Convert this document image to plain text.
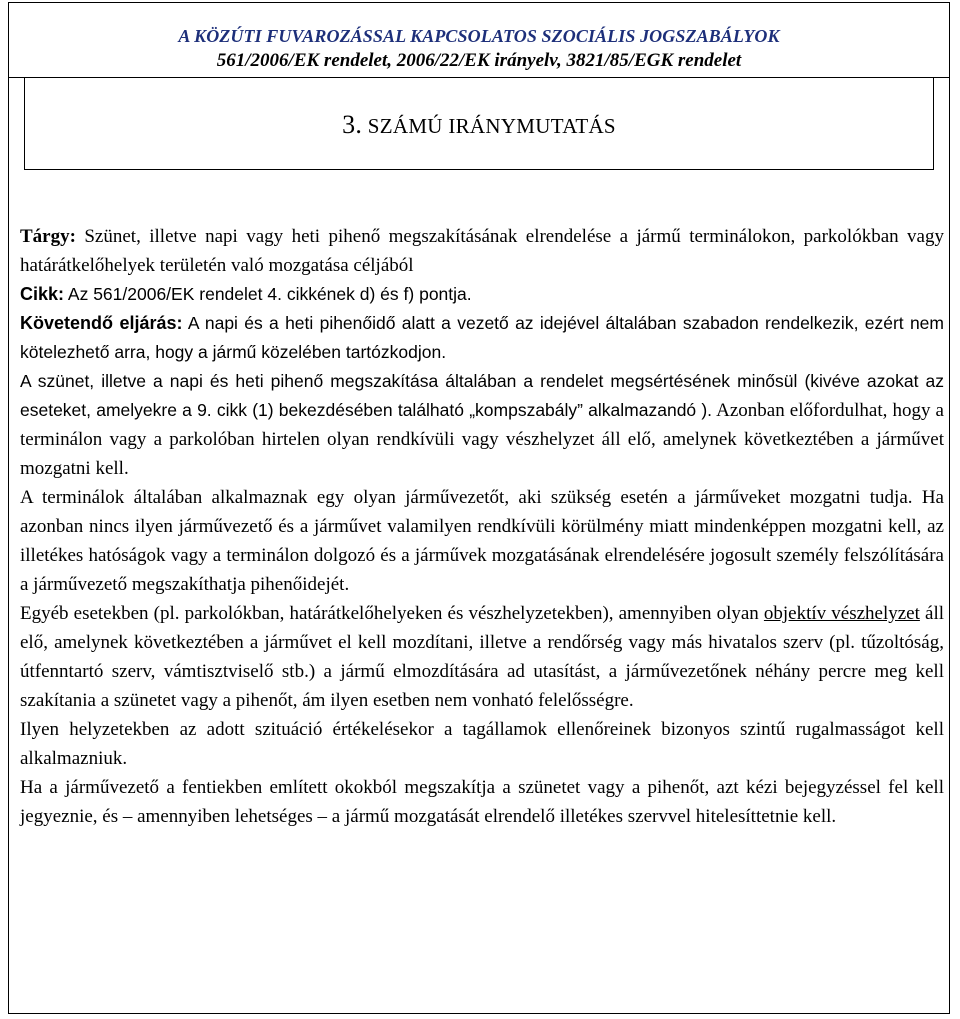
A KÖZÚTI FUVAROZÁSSAL KAPCSOLATOS SZOCIÁLIS JOGSZABÁLYOK
561/2006/EK rendelet, 2006/22/EK irányelv, 3821/85/EGK rendelet
3. SZÁMÚ IRÁNYMUTATÁS

Tárgy: Szünet, illetve napi vagy heti pihenő megszakításának elrendelése a jármű terminálokon, parkolókban vagy határátkelőhelyek területén való mozgatása céljából

Cikk: Az 561/2006/EK rendelet 4. cikkének d) és f) pontja.

Követendő eljárás: A napi és a heti pihenőidő alatt a vezető az idejével általában szabadon rendelkezik, ezért nem kötelezhető arra, hogy a jármű közelében tartózkodjon.

A szünet, illetve a napi és heti pihenő megszakítása általában a rendelet megsértésének minősül (kivéve azokat az eseteket, amelyekre a 9. cikk (1) bekezdésében található „kompszabály” alkalmazandó ). Azonban előfordulhat, hogy a terminálon vagy a parkolóban hirtelen olyan rendkívüli vagy vészhelyzet áll elő, amelynek következtében a járművet mozgatni kell.

A terminálok általában alkalmaznak egy olyan járművezetőt, aki szükség esetén a járműveket mozgatni tudja. Ha azonban nincs ilyen járművezető és a járművet valamilyen rendkívüli körülmény miatt mindenképpen mozgatni kell, az illetékes hatóságok vagy a terminálon dolgozó és a járművek mozgatásának elrendelésére jogosult személy felszólítására a járművezető megszakíthatja pihenőidejét.

Egyéb esetekben (pl. parkolókban, határátkelőhelyeken és vészhelyzetekben), amennyiben olyan objektív vészhelyzet áll elő, amelynek következtében a járművet el kell mozdítani, illetve a rendőrség vagy más hivatalos szerv (pl. tűzoltóság, útfenntartó szerv, vámtisztviselő stb.) a jármű elmozdítására ad utasítást, a járművezetőnek néhány percre meg kell szakítania a szünetet vagy a pihenőt, ám ilyen esetben nem vonható felelősségre.

Ilyen helyzetekben az adott szituáció értékelésekor a tagállamok ellenőreinek bizonyos szintű rugalmasságot kell alkalmazniuk.

Ha a járművezető a fentiekben említett okokból megszakítja a szünetet vagy a pihenőt, azt kézi bejegyzéssel fel kell jegyeznie, és – amennyiben lehetséges – a jármű mozgatását elrendelő illetékes szervvel hitelesíttetnie kell.
